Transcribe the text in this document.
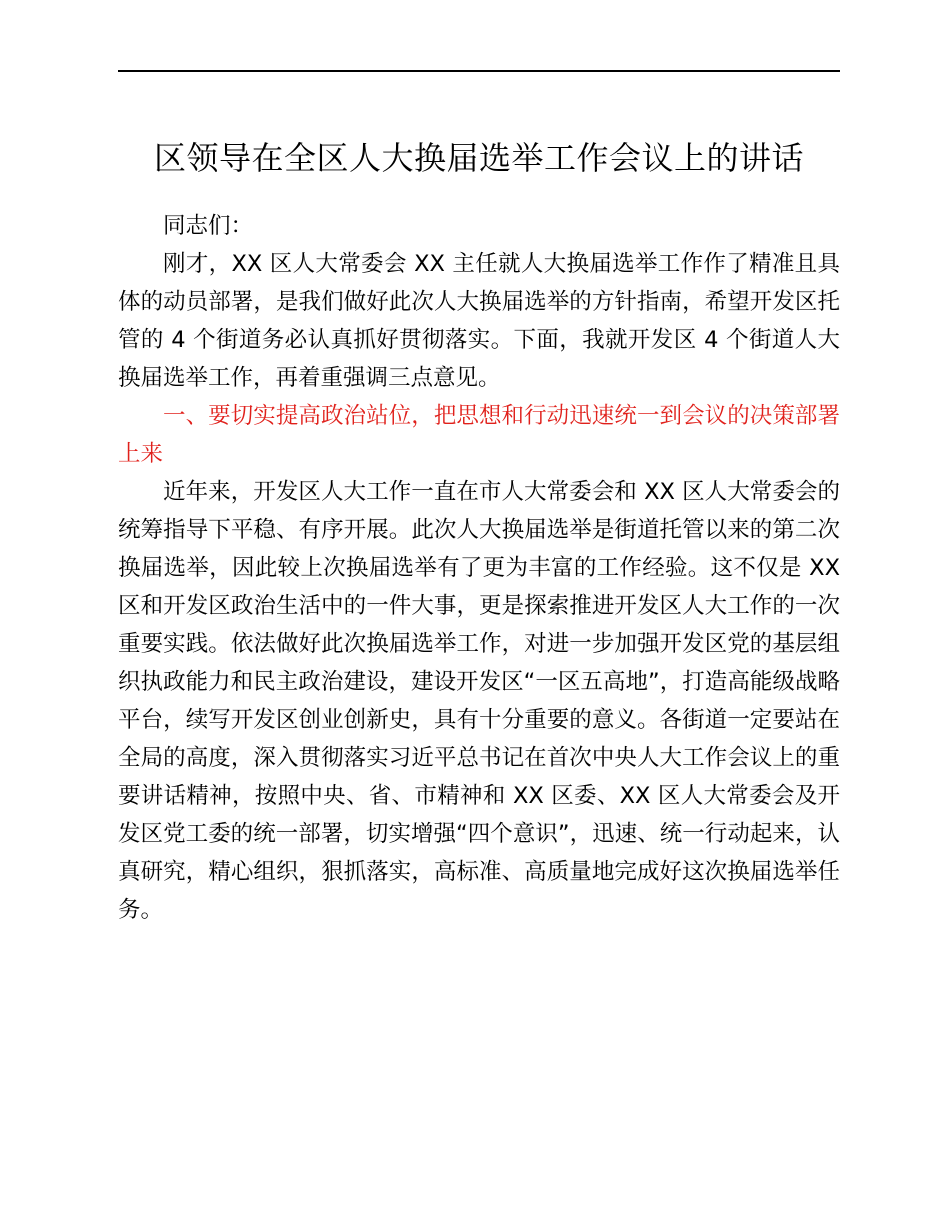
区领导在全区人大换届选举工作会议上的讲话

同志们：

刚才，XX 区人大常委会 XX 主任就人大换届选举工作作了精准且具体的动员部署，是我们做好此次人大换届选举的方针指南，希望开发区托管的 4 个街道务必认真抓好贯彻落实。下面，我就开发区 4 个街道人大换届选举工作，再着重强调三点意见。

一、要切实提高政治站位，把思想和行动迅速统一到会议的决策部署上来

近年来，开发区人大工作一直在市人大常委会和 XX 区人大常委会的统筹指导下平稳、有序开展。此次人大换届选举是街道托管以来的第二次换届选举，因此较上次换届选举有了更为丰富的工作经验。这不仅是 XX 区和开发区政治生活中的一件大事，更是探索推进开发区人大工作的一次重要实践。依法做好此次换届选举工作，对进一步加强开发区党的基层组织执政能力和民主政治建设，建设开发区“一区五高地”，打造高能级战略平台，续写开发区创业创新史，具有十分重要的意义。各街道一定要站在全局的高度，深入贯彻落实习近平总书记在首次中央人大工作会议上的重要讲话精神，按照中央、省、市精神和 XX 区委、XX 区人大常委会及开发区党工委的统一部署，切实增强“四个意识”，迅速、统一行动起来，认真研究，精心组织，狠抓落实，高标准、高质量地完成好这次换届选举任务。
